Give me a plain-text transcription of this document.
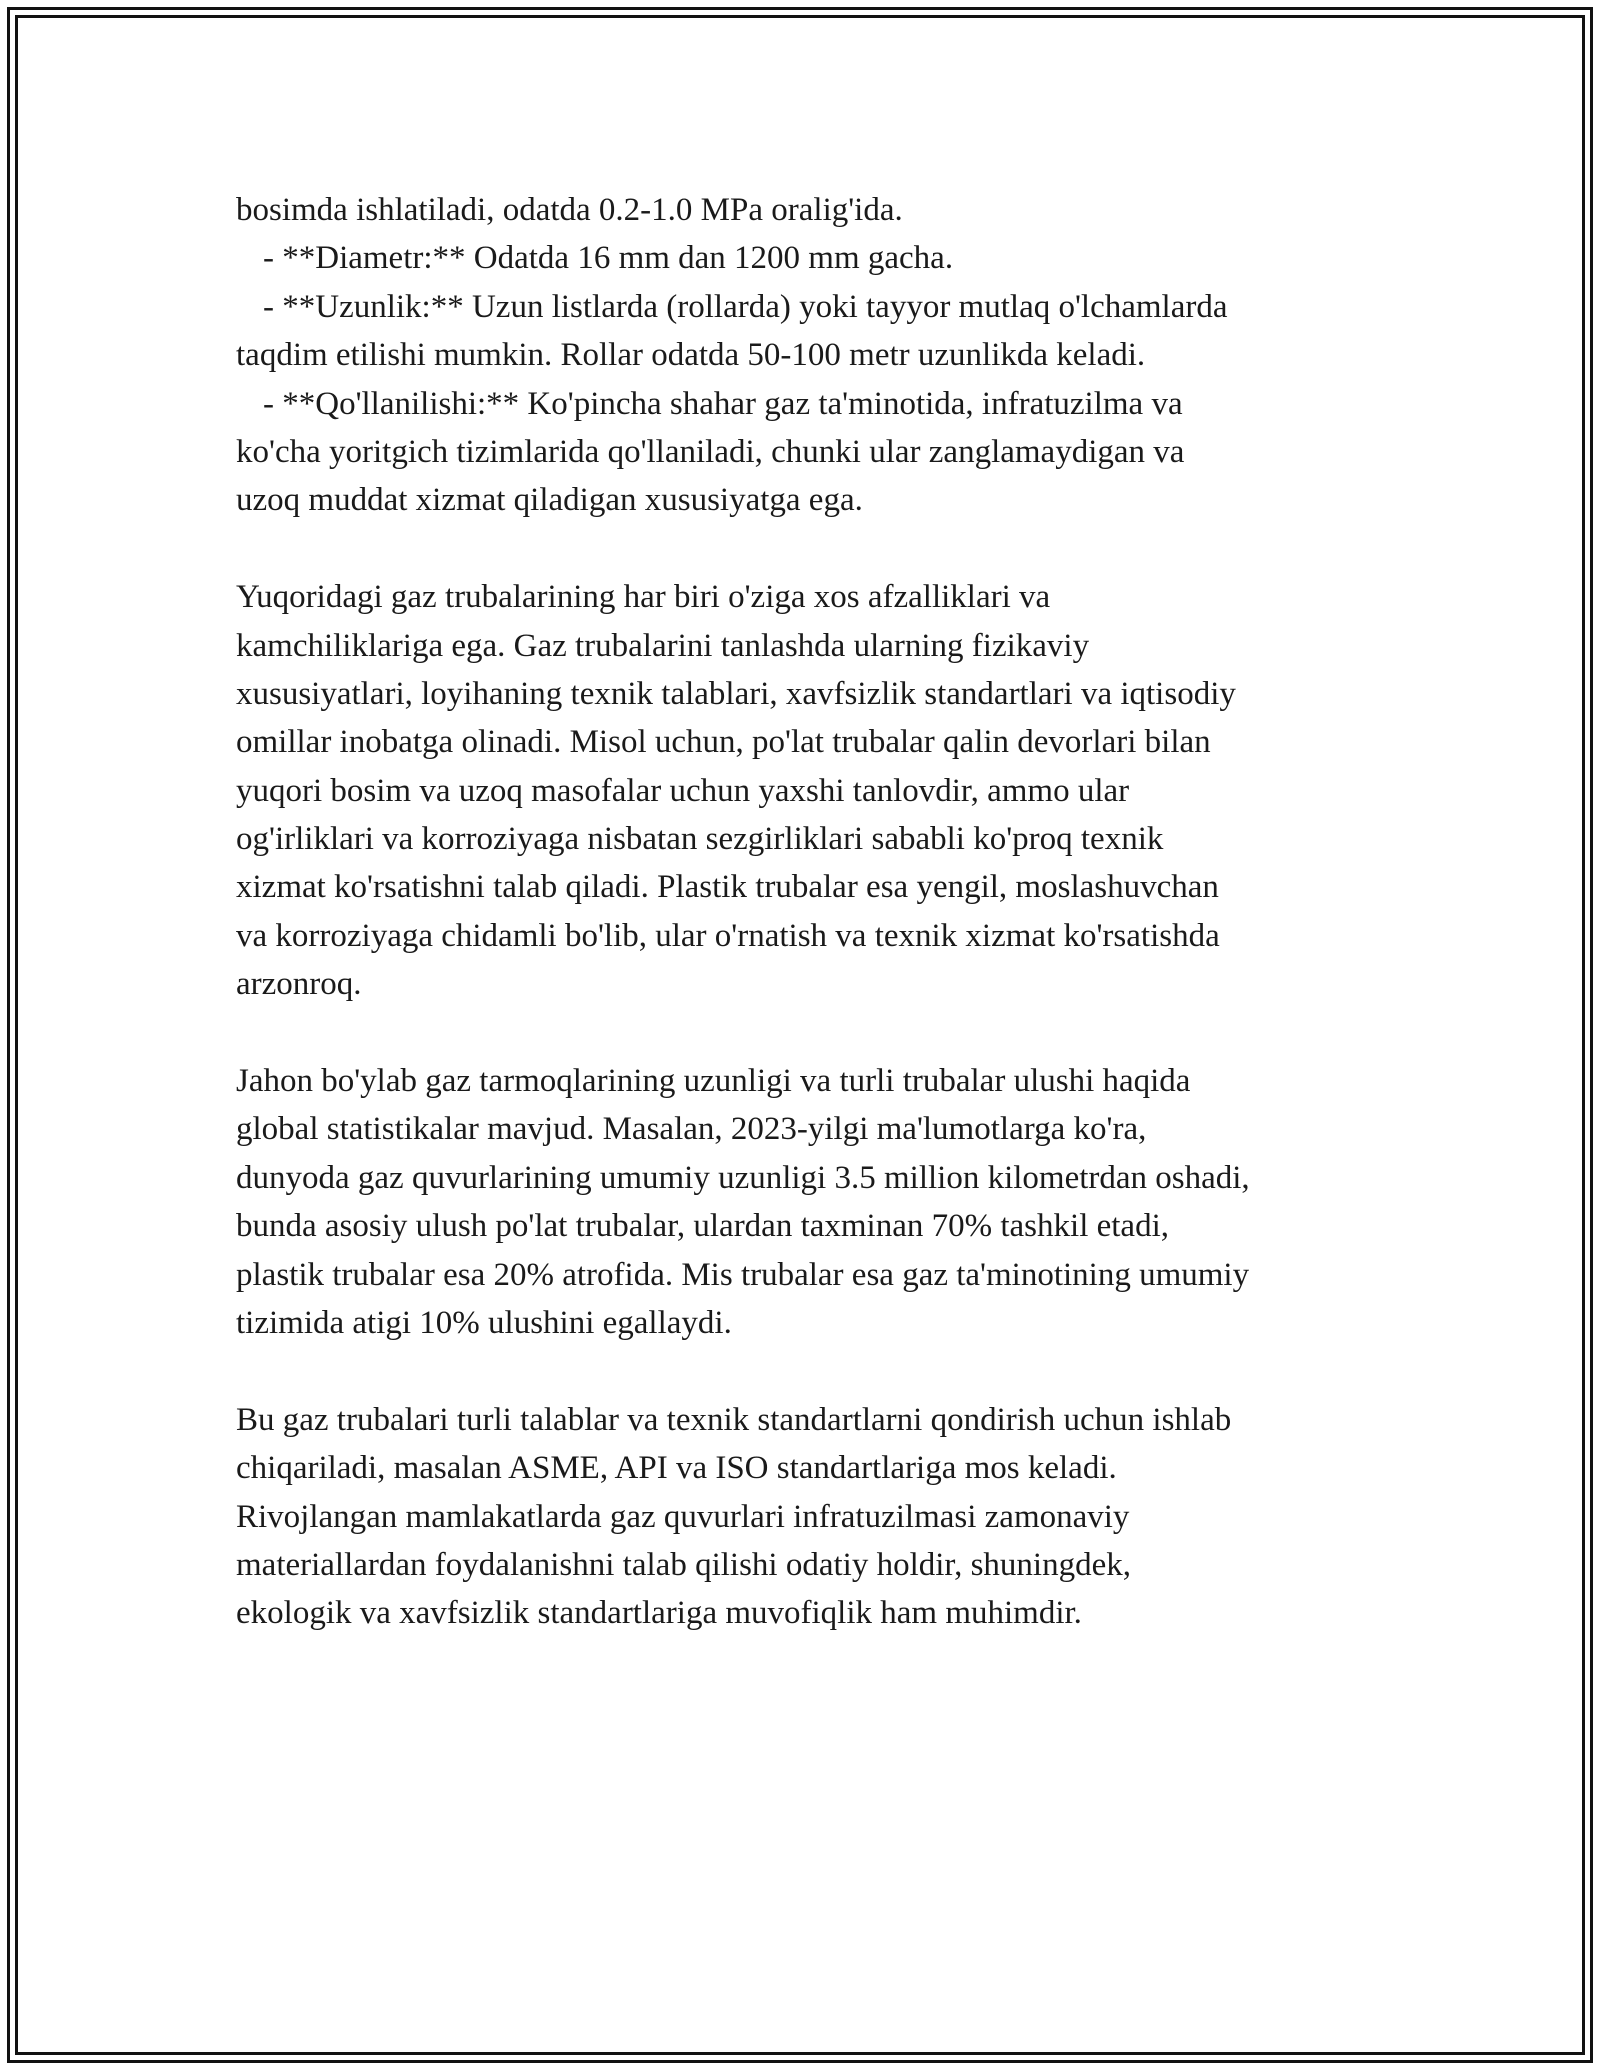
bosimda ishlatiladi, odatda 0.2-1.0 MPa oralig'ida.
- **Diametr:** Odatda 16 mm dan 1200 mm gacha.
- **Uzunlik:** Uzun listlarda (rollarda) yoki tayyor mutlaq o'lchamlarda
taqdim etilishi mumkin. Rollar odatda 50-100 metr uzunlikda keladi.
- **Qo'llanilishi:** Ko'pincha shahar gaz ta'minotida, infratuzilma va
ko'cha yoritgich tizimlarida qo'llaniladi, chunki ular zanglamaydigan va
uzoq muddat xizmat qiladigan xususiyatga ega.
Yuqoridagi gaz trubalarining har biri o'ziga xos afzalliklari va
kamchiliklariga ega. Gaz trubalarini tanlashda ularning fizikaviy
xususiyatlari, loyihaning texnik talablari, xavfsizlik standartlari va iqtisodiy
omillar inobatga olinadi. Misol uchun, po'lat trubalar qalin devorlari bilan
yuqori bosim va uzoq masofalar uchun yaxshi tanlovdir, ammo ular
og'irliklari va korroziyaga nisbatan sezgirliklari sababli ko'proq texnik
xizmat ko'rsatishni talab qiladi. Plastik trubalar esa yengil, moslashuvchan
va korroziyaga chidamli bo'lib, ular o'rnatish va texnik xizmat ko'rsatishda
arzonroq.
Jahon bo'ylab gaz tarmoqlarining uzunligi va turli trubalar ulushi haqida
global statistikalar mavjud. Masalan, 2023-yilgi ma'lumotlarga ko'ra,
dunyoda gaz quvurlarining umumiy uzunligi 3.5 million kilometrdan oshadi,
bunda asosiy ulush po'lat trubalar, ulardan taxminan 70% tashkil etadi,
plastik trubalar esa 20% atrofida. Mis trubalar esa gaz ta'minotining umumiy
tizimida atigi 10% ulushini egallaydi.
Bu gaz trubalari turli talablar va texnik standartlarni qondirish uchun ishlab
chiqariladi, masalan ASME, API va ISO standartlariga mos keladi.
Rivojlangan mamlakatlarda gaz quvurlari infratuzilmasi zamonaviy
materiallardan foydalanishni talab qilishi odatiy holdir, shuningdek,
ekologik va xavfsizlik standartlariga muvofiqlik ham muhimdir.
